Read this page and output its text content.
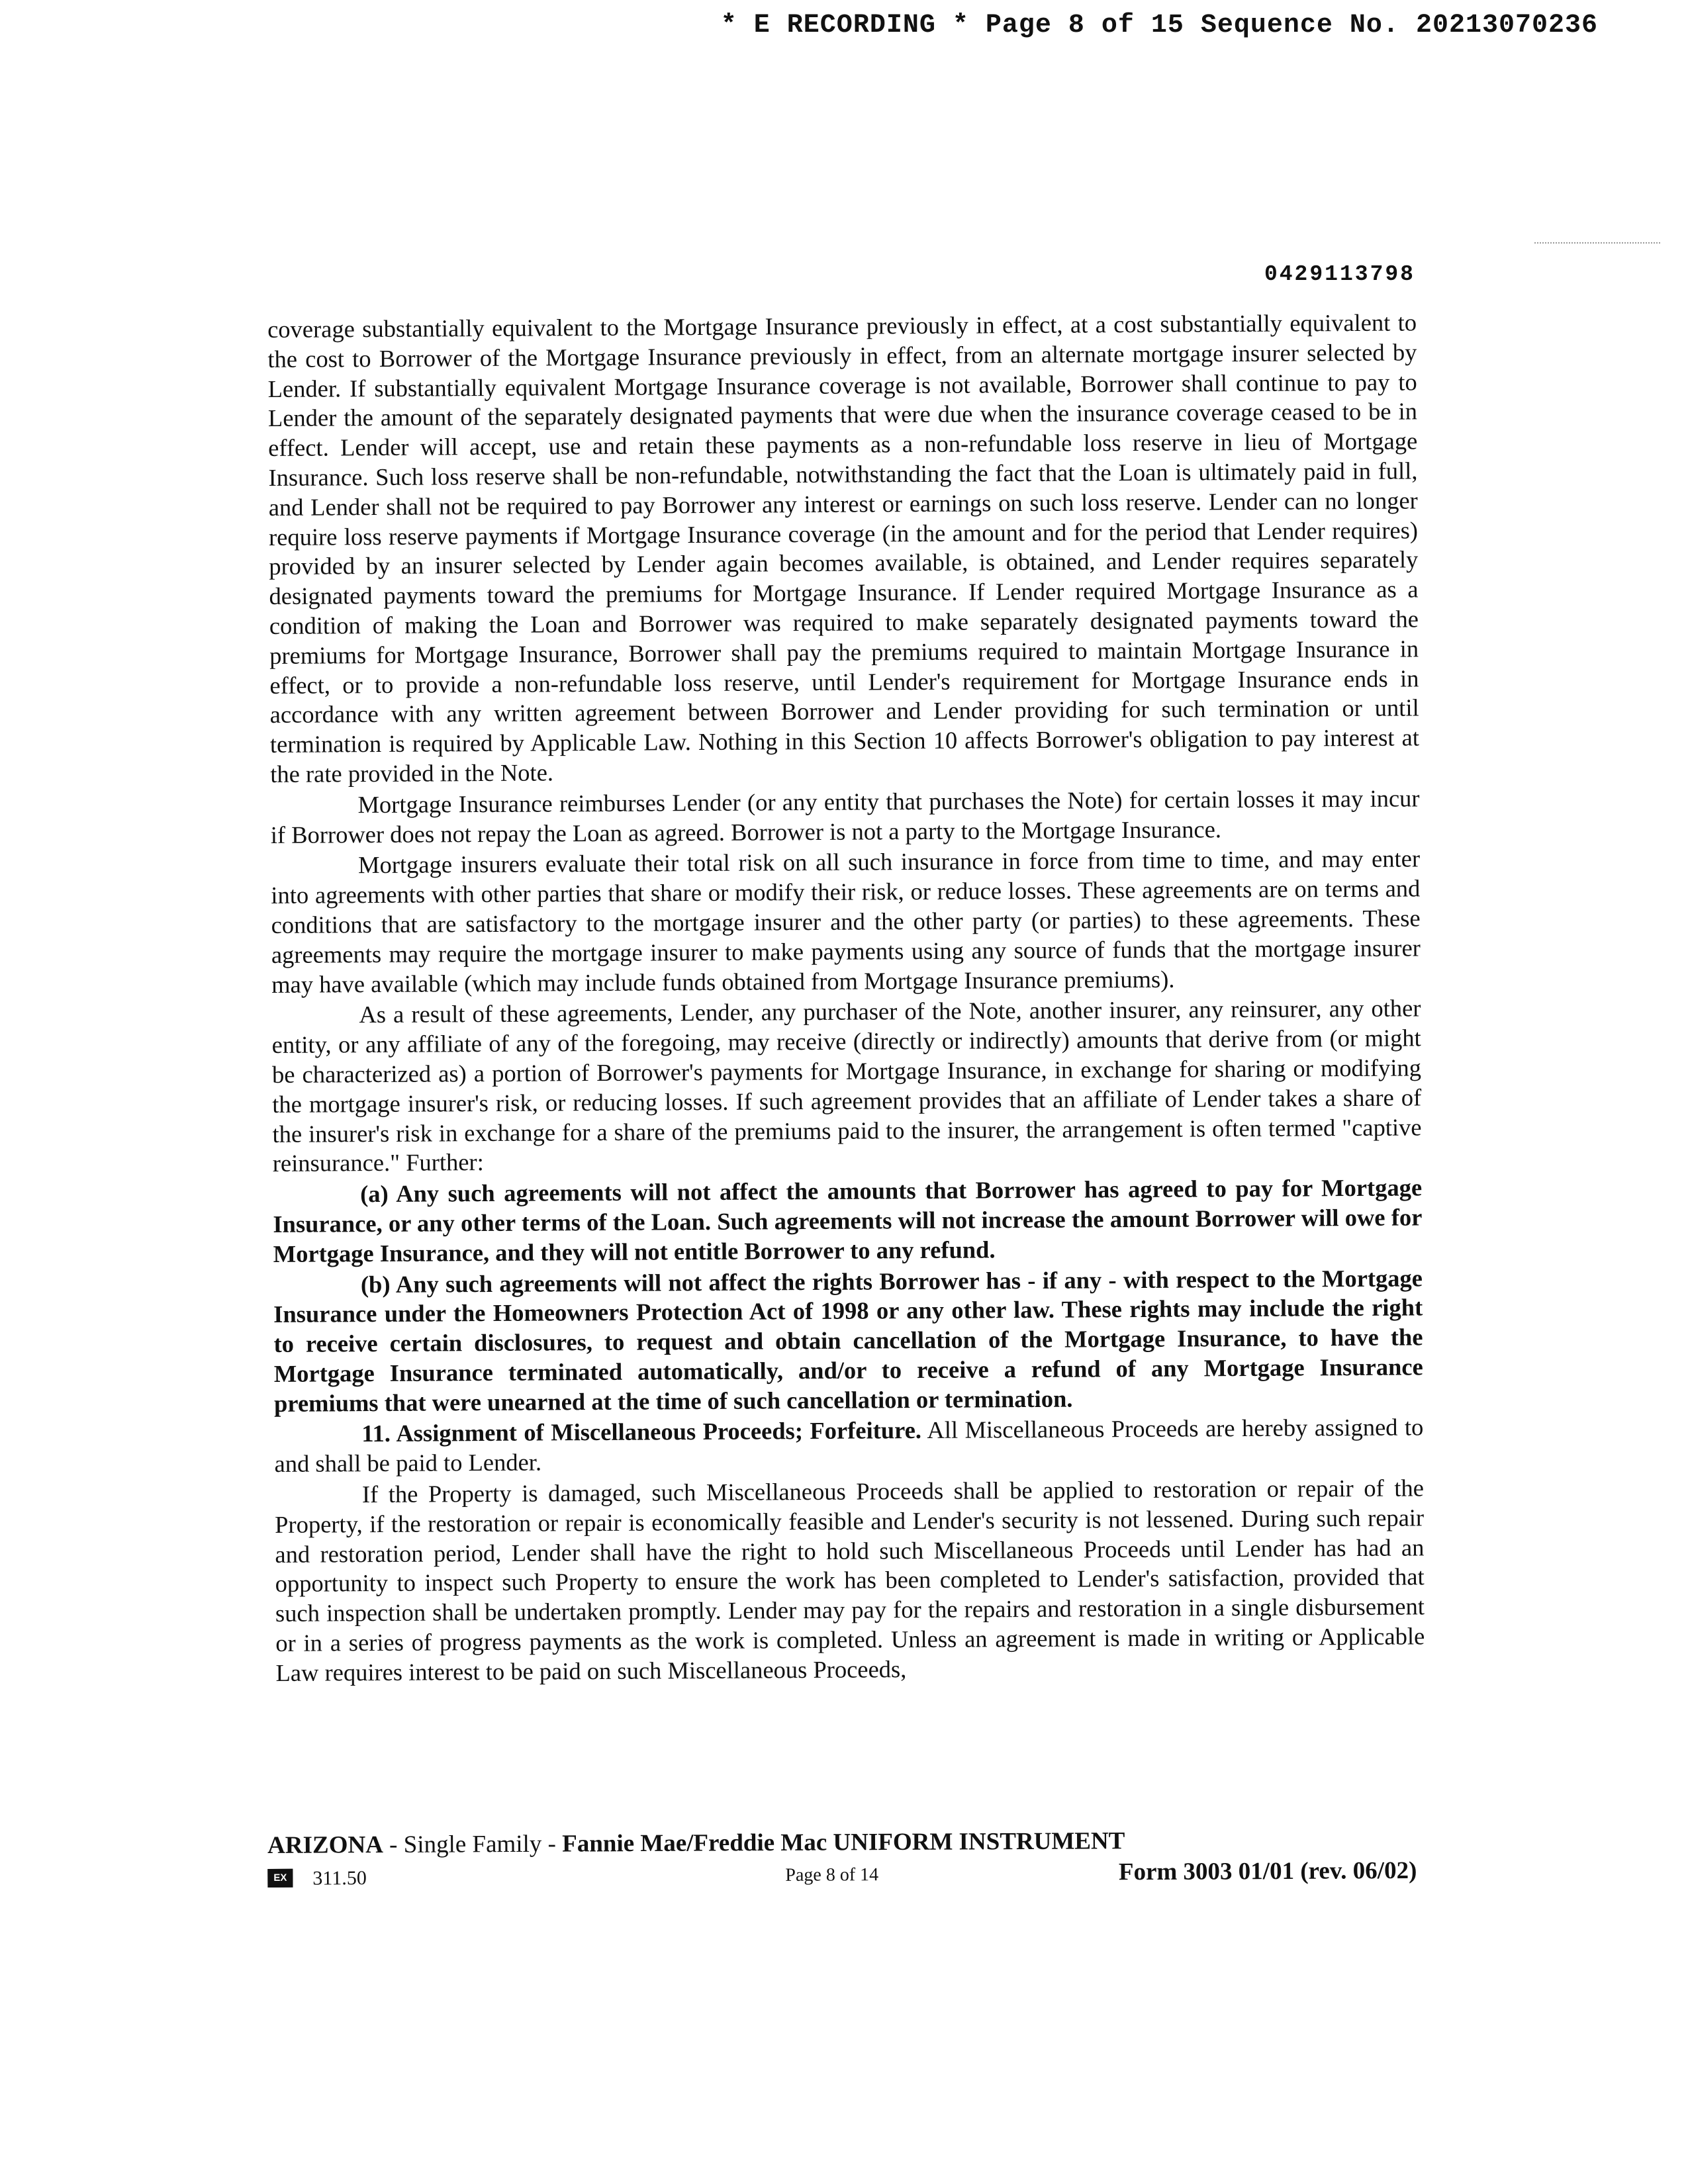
* E RECORDING * Page 8 of 15 Sequence No. 20213070236
0429113798

coverage substantially equivalent to the Mortgage Insurance previously in effect, at a cost substantially equivalent to the cost to Borrower of the Mortgage Insurance previously in effect, from an alternate mortgage insurer selected by Lender. If substantially equivalent Mortgage Insurance coverage is not available, Borrower shall continue to pay to Lender the amount of the separately designated payments that were due when the insurance coverage ceased to be in effect. Lender will accept, use and retain these payments as a non-refundable loss reserve in lieu of Mortgage Insurance. Such loss reserve shall be non-refundable, notwithstanding the fact that the Loan is ultimately paid in full, and Lender shall not be required to pay Borrower any interest or earnings on such loss reserve. Lender can no longer require loss reserve payments if Mortgage Insurance coverage (in the amount and for the period that Lender requires) provided by an insurer selected by Lender again becomes available, is obtained, and Lender requires separately designated payments toward the premiums for Mortgage Insurance. If Lender required Mortgage Insurance as a condition of making the Loan and Borrower was required to make separately designated payments toward the premiums for Mortgage Insurance, Borrower shall pay the premiums required to maintain Mortgage Insurance in effect, or to provide a non-refundable loss reserve, until Lender's requirement for Mortgage Insurance ends in accordance with any written agreement between Borrower and Lender providing for such termination or until termination is required by Applicable Law. Nothing in this Section 10 affects Borrower's obligation to pay interest at the rate provided in the Note.

Mortgage Insurance reimburses Lender (or any entity that purchases the Note) for certain losses it may incur if Borrower does not repay the Loan as agreed. Borrower is not a party to the Mortgage Insurance.

Mortgage insurers evaluate their total risk on all such insurance in force from time to time, and may enter into agreements with other parties that share or modify their risk, or reduce losses. These agreements are on terms and conditions that are satisfactory to the mortgage insurer and the other party (or parties) to these agreements. These agreements may require the mortgage insurer to make payments using any source of funds that the mortgage insurer may have available (which may include funds obtained from Mortgage Insurance premiums).

As a result of these agreements, Lender, any purchaser of the Note, another insurer, any reinsurer, any other entity, or any affiliate of any of the foregoing, may receive (directly or indirectly) amounts that derive from (or might be characterized as) a portion of Borrower's payments for Mortgage Insurance, in exchange for sharing or modifying the mortgage insurer's risk, or reducing losses. If such agreement provides that an affiliate of Lender takes a share of the insurer's risk in exchange for a share of the premiums paid to the insurer, the arrangement is often termed "captive reinsurance." Further:

(a) Any such agreements will not affect the amounts that Borrower has agreed to pay for Mortgage Insurance, or any other terms of the Loan. Such agreements will not increase the amount Borrower will owe for Mortgage Insurance, and they will not entitle Borrower to any refund.

(b) Any such agreements will not affect the rights Borrower has - if any - with respect to the Mortgage Insurance under the Homeowners Protection Act of 1998 or any other law. These rights may include the right to receive certain disclosures, to request and obtain cancellation of the Mortgage Insurance, to have the Mortgage Insurance terminated automatically, and/or to receive a refund of any Mortgage Insurance premiums that were unearned at the time of such cancellation or termination.

11. Assignment of Miscellaneous Proceeds; Forfeiture. All Miscellaneous Proceeds are hereby assigned to and shall be paid to Lender.

If the Property is damaged, such Miscellaneous Proceeds shall be applied to restoration or repair of the Property, if the restoration or repair is economically feasible and Lender's security is not lessened. During such repair and restoration period, Lender shall have the right to hold such Miscellaneous Proceeds until Lender has had an opportunity to inspect such Property to ensure the work has been completed to Lender's satisfaction, provided that such inspection shall be undertaken promptly. Lender may pay for the repairs and restoration in a single disbursement or in a series of progress payments as the work is completed. Unless an agreement is made in writing or Applicable Law requires interest to be paid on such Miscellaneous Proceeds,

ARIZONA - Single Family - Fannie Mae/Freddie Mac UNIFORM INSTRUMENT
EX	311.50	Page 8 of 14	Form 3003 01/01 (rev. 06/02)
